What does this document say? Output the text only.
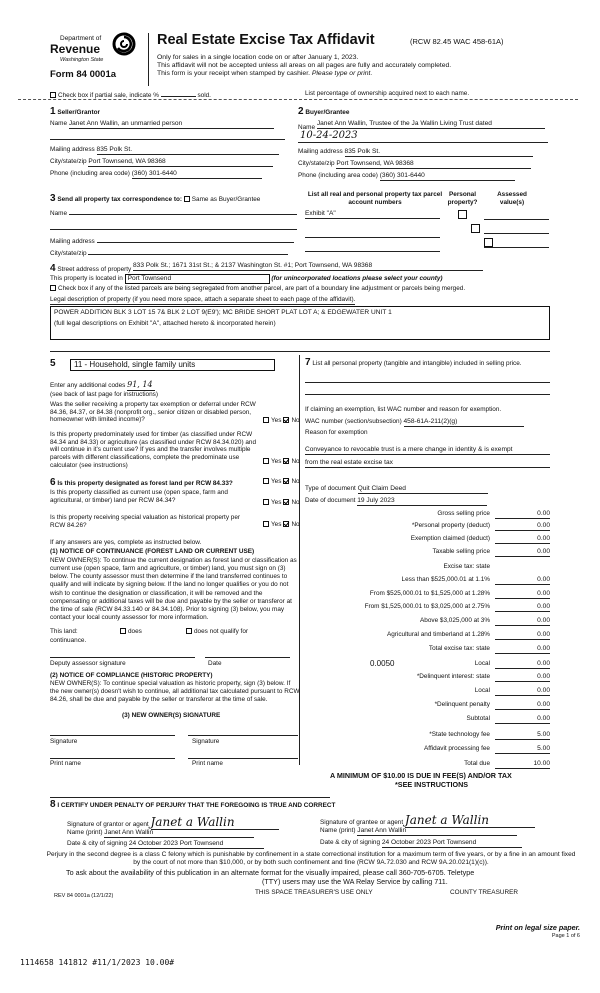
Department of
Revenue
Washington State
Form 84 0001a
Real Estate Excise Tax Affidavit	(RCW 82.45 WAC 458-61A)
Only for sales in a single location code on or after January 1, 2023.
This affidavit will not be accepted unless all areas on all pages are fully and accurately completed.
This form is your receipt when stamped by cashier. Please type or print.
Check box if partial sale, indicate %	sold.	List percentage of ownership acquired next to each name.
1 Seller/Grantor
Name Janet Ann Wallin, an unmarried person
Mailing address 835 Polk St.
City/state/zip Port Townsend, WA 98368
Phone (including area code) (360) 301-6440
2 Buyer/Grantee
Name Janet Ann Wallin, Trustee of the Ja Wallin Living Trust dated
10-24-2023
Mailing address 835 Polk St.
City/state/zip Port Townsend, WA 98368
Phone (including area code) (360) 301-6440
3 Send all property tax correspondence to: Same as Buyer/Grantee
Name
Mailing address
City/state/zip
List all real and personal property tax parcel account numbers
Personal property?
Assessed value(s)
Exhibit "A"

4 Street address of property 833 Polk St.; 1671 31st St.; & 2137 Washington St. #1; Port Townsend, WA 98368
This property is located in Port Townsend	(for unincorporated locations please select your county)
Check box if any of the listed parcels are being segregated from another parcel, are part of a boundary line adjustment or parcels being merged.
Legal description of property (if you need more space, attach a separate sheet to each page of the affidavit).
POWER ADDITION BLK 3 LOT 15 7& BLK 2 LOT 9(E9'); MC BRIDE SHORT PLAT LOT A; & EDGEWATER UNIT 1
(full legal descriptions on Exhibit "A", attached hereto & incorporated herein)
5	11 - Household, single family units
Enter any additional codes 91, 14
(see back of last page for instructions)
Was the seller receiving a property tax exemption or deferral under RCW 84.36, 84.37, or 84.38 (nonprofit org., senior citizen or disabled person, homeowner with limited income)?	Yes No
Is this property predominately used for timber (as classified under RCW 84.34 and 84.33) or agriculture (as classified under RCW 84.34.020) and will continue in it's current use? If yes and the transfer involves multiple parcels with different classifications, complete the predominate use calculator (see instructions)
Yes No
6 Is this property designated as forest land per RCW 84.33?	Yes No
Is this property classified as current use (open space, farm and agricultural, or timber) land per RCW 84.34?	Yes No
Is this property receiving special valuation as historical property per RCW 84.26?	Yes No
If any answers are yes, complete as instructed below.
(1) NOTICE OF CONTINUANCE (FOREST LAND OR CURRENT USE)
NEW OWNER(S): To continue the current designation as forest land or classification as current use (open space, farm and agriculture, or timber) land, you must sign on (3) below. The county assessor must then determine if the land transferred continues to qualify and will indicate by signing below. If the land no longer qualifies or you do not wish to continue the designation or classification, it will be removed and the compensating or additional taxes will be due and payable by the seller or transferor at the time of sale (RCW 84.33.140 or 84.34.108). Prior to signing (3) below, you may contact your local county assessor for more information.
This land:	does	does not qualify for
continuance.
Deputy assessor signature	Date
(2) NOTICE OF COMPLIANCE (HISTORIC PROPERTY)
NEW OWNER(S): To continue special valuation as historic property, sign (3) below. If the new owner(s) doesn't wish to continue, all additional tax calculated pursuant to RCW 84.26, shall be due and payable by the seller or transferor at the time of sale.
(3) NEW OWNER(S) SIGNATURE
Signature	Signature
Print name	Print name
7 List all personal property (tangible and intangible) included in selling price.
If claiming an exemption, list WAC number and reason for exemption.
WAC number (section/subsection) 458-61A-211(2)(g)
Reason for exemption
Conveyance to revocable trust is a mere change in identity & is exempt
from the real estate excise tax
Type of document Quit Claim Deed
Date of document 19 July 2023
Gross selling price	0.00
*Personal property (deduct)	0.00
Exemption claimed (deduct)	0.00
Taxable selling price	0.00
Excise tax: state
Less than $525,000.01 at 1.1%	0.00
From $525,000.01 to $1,525,000 at 1.28%	0.00
From $1,525,000.01 to $3,025,000 at 2.75%	0.00
Above $3,025,000 at 3%	0.00
Agricultural and timberland at 1.28%	0.00
Total excise tax: state	0.00
0.0050	Local	0.00
*Delinquent interest: state	0.00
Local	0.00
*Delinquent penalty	0.00
Subtotal	0.00
*State technology fee	5.00
Affidavit processing fee	5.00
Total due	10.00
A MINIMUM OF $10.00 IS DUE IN FEE(S) AND/OR TAX
*SEE INSTRUCTIONS
8 I CERTIFY UNDER PENALTY OF PERJURY THAT THE FOREGOING IS TRUE AND CORRECT
Signature of grantor or agent Janet a Wallin
Name (print) Janet Ann Wallin
Date & city of signing 24 October 2023 Port Townsend
Signature of grantee or agent Janet a Wallin
Name (print) Janet Ann Wallin
Date & city of signing 24 October 2023 Port Townsend
Perjury in the second degree is a class C felony which is punishable by confinement in a state correctional institution for a maximum term of five years, or by a fine in an amount fixed by the court of not more than $10,000, or by both such confinement and fine (RCW 9A.72.030 and RCW 9A.20.021(1)(c)).
To ask about the availability of this publication in an alternate format for the visually impaired, please call 360-705-6705. Teletype
(TTY) users may use the WA Relay Service by calling 711.
REV 84 0001a (12/1/22)	THIS SPACE TREASURER'S USE ONLY	COUNTY TREASURER
Print on legal size paper.
Page 1 of 6
1114658 141812 #11/1/2023 10.00#
